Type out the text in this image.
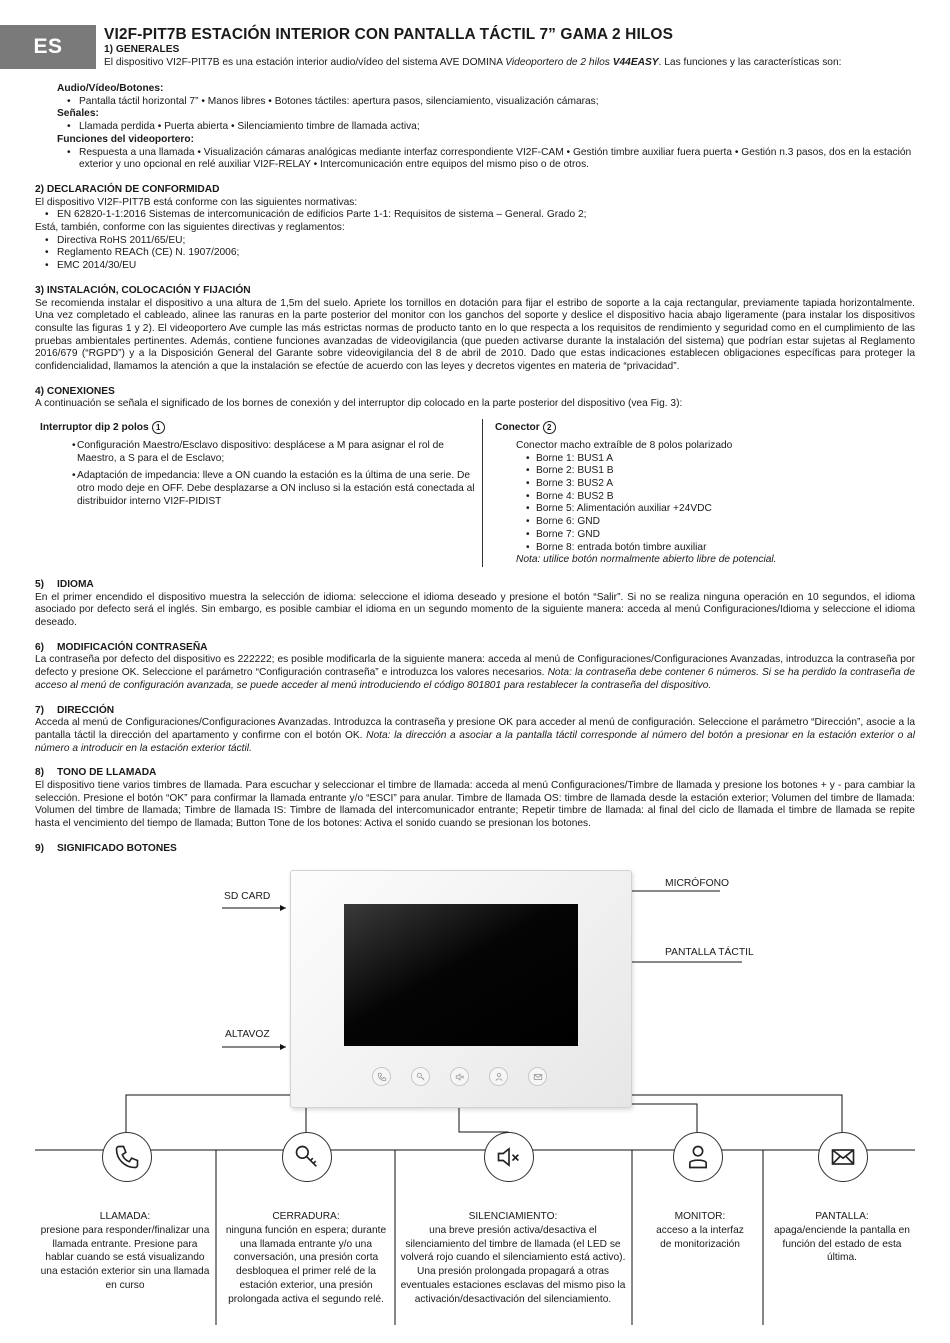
ES
VI2F-PIT7B ESTACIÓN INTERIOR CON PANTALLA TÁCTIL 7” GAMA 2 HILOS
1) GENERALES
El dispositivo VI2F-PIT7B es una estación interior audio/vídeo del sistema AVE DOMINA Videoportero de 2 hilos V44EASY. Las funciones y las características son:
Audio/Vídeo/Botones:
• Pantalla táctil horizontal 7” • Manos libres • Botones táctiles: apertura pasos, silenciamiento, visualización cámaras;
Señales:
• Llamada perdida • Puerta abierta • Silenciamiento timbre de llamada activa;
Funciones del videoportero:
• Respuesta a una llamada • Visualización cámaras analógicas mediante interfaz correspondiente VI2F-CAM • Gestión timbre auxiliar fuera puerta • Gestión n.3 pasos, dos en la estación exterior y uno opcional en relé auxiliar VI2F-RELAY • Intercomunicación entre equipos del mismo piso o de otros.
2) DECLARACIÓN DE CONFORMIDAD
El dispositivo VI2F-PIT7B está conforme con las siguientes normativas:
• EN 62820-1-1:2016 Sistemas de intercomunicación de edificios Parte 1-1: Requisitos de sistema – General. Grado 2;
Está, también, conforme con las siguientes directivas y reglamentos:
• Directiva RoHS 2011/65/EU;
• Reglamento REACh (CE) N. 1907/2006;
• EMC 2014/30/EU
3) INSTALACIÓN, COLOCACIÓN Y FIJACIÓN
Se recomienda instalar el dispositivo a una altura de 1,5m del suelo. Apriete los tornillos en dotación para fijar el estribo de soporte a la caja rectangular, previamente tapiada horizontalmente. Una vez completado el cableado, alinee las ranuras en la parte posterior del monitor con los ganchos del soporte y deslice el dispositivo hacia abajo ligeramente (para instalar los dispositivos consulte las figuras 1 y 2). El videoportero Ave cumple las más estrictas normas de producto tanto en lo que respecta a los requisitos de rendimiento y seguridad como en el cumplimiento de las pruebas ambientales pertinentes. Además, contiene funciones avanzadas de videovigilancia (que pueden activarse durante la instalación del sistema) que podrían estar sujetas al Reglamento 2016/679 (“RGPD”) y a la Disposición General del Garante sobre videovigilancia del 8 de abril de 2010. Dado que estas indicaciones establecen obligaciones específicas para proteger la confidencialidad, llamamos la atención a que la instalación se efectúe de acuerdo con las leyes y decretos vigentes en materia de “privacidad”.
4) CONEXIONES
A continuación se señala el significado de los bornes de conexión y del interruptor dip colocado en la parte posterior del dispositivo (vea Fig. 3):
Interruptor dip 2 polos 1
• Configuración Maestro/Esclavo dispositivo: desplácese a M para asignar el rol de Maestro, a S para el de Esclavo;
• Adaptación de impedancia: lleve a ON cuando la estación es la última de una serie. De otro modo deje en OFF. Debe desplazarse a ON incluso si la estación está conectada al distribuidor interno VI2F-PIDIST
Conector 2
Conector macho extraíble de 8 polos polarizado
• Borne 1: BUS1 A
• Borne 2: BUS1 B
• Borne 3: BUS2 A
• Borne 4: BUS2 B
• Borne 5: Alimentación auxiliar +24VDC
• Borne 6: GND
• Borne 7: GND
• Borne 8: entrada botón timbre auxiliar
Nota: utilice botón normalmente abierto libre de potencial.
5) IDIOMA
En el primer encendido el dispositivo muestra la selección de idioma: seleccione el idioma deseado y presione el botón “Salir”. Si no se realiza ninguna operación en 10 segundos, el idioma asociado por defecto será el inglés. Sin embargo, es posible cambiar el idioma en un segundo momento de la siguiente manera: acceda al menú Configuraciones/Idioma y seleccione el idioma deseado.
6) MODIFICACIÓN CONTRASEÑA
La contraseña por defecto del dispositivo es 222222; es posible modificarla de la siguiente manera: acceda al menú de Configuraciones/Configuraciones Avanzadas, introduzca la contraseña por defecto y presione OK. Seleccione el parámetro “Configuración contraseña” e introduzca los valores necesarios. Nota: la contraseña debe contener 6 números. Si se ha perdido la contraseña de acceso al menú de configuración avanzada, se puede acceder al menú introduciendo el código 801801 para restablecer la contraseña del dispositivo.
7) DIRECCIÓN
Acceda al menú de Configuraciones/Configuraciones Avanzadas. Introduzca la contraseña y presione OK para acceder al menú de configuración. Seleccione el parámetro “Dirección”, asocie a la pantalla táctil la dirección del apartamento y confirme con el botón OK. Nota: la dirección a asociar a la pantalla táctil corresponde al número del botón a presionar en la estación exterior o al número a introducir en la estación exterior táctil.
8) TONO DE LLAMADA
El dispositivo tiene varios timbres de llamada. Para escuchar y seleccionar el timbre de llamada: acceda al menú Configuraciones/Timbre de llamada y presione los botones + y - para cambiar la selección. Presione el botón “OK” para confirmar la llamada entrante y/o “ESCI” para anular. Timbre de llamada OS: timbre de llamada desde la estación exterior; Volumen del timbre de llamada: Volumen del timbre de llamada; Timbre de llamada IS: Timbre de llamada del intercomunicador entrante; Repetir timbre de llamada: al final del ciclo de llamada el timbre de llamada se repite hasta el vencimiento del tiempo de llamada; Button Tone de los botones: Activa el sonido cuando se presionan los botones.
9) SIGNIFICADO BOTONES
SD CARD
MICRÓFONO
PANTALLA TÁCTIL
ALTAVOZ
LLAMADA:
presione para responder/finalizar una llamada entrante. Presione para hablar cuando se está visualizando una estación exterior sin una llamada en curso
CERRADURA:
ninguna función en espera; durante una llamada entrante y/o una conversación, una presión corta desbloquea el primer relé de la estación exterior, una presión prolongada activa el segundo relé.
SILENCIAMIENTO:
una breve presión activa/desactiva el silenciamiento del timbre de llamada (el LED se volverá rojo cuando el silenciamiento está activo). Una presión prolongada propagará a otras eventuales estaciones esclavas del mismo piso la activación/desactivación del silenciamiento.
MONITOR:
acceso a la interfaz de monitorización
PANTALLA:
apaga/enciende la pantalla en función del estado de esta última.
